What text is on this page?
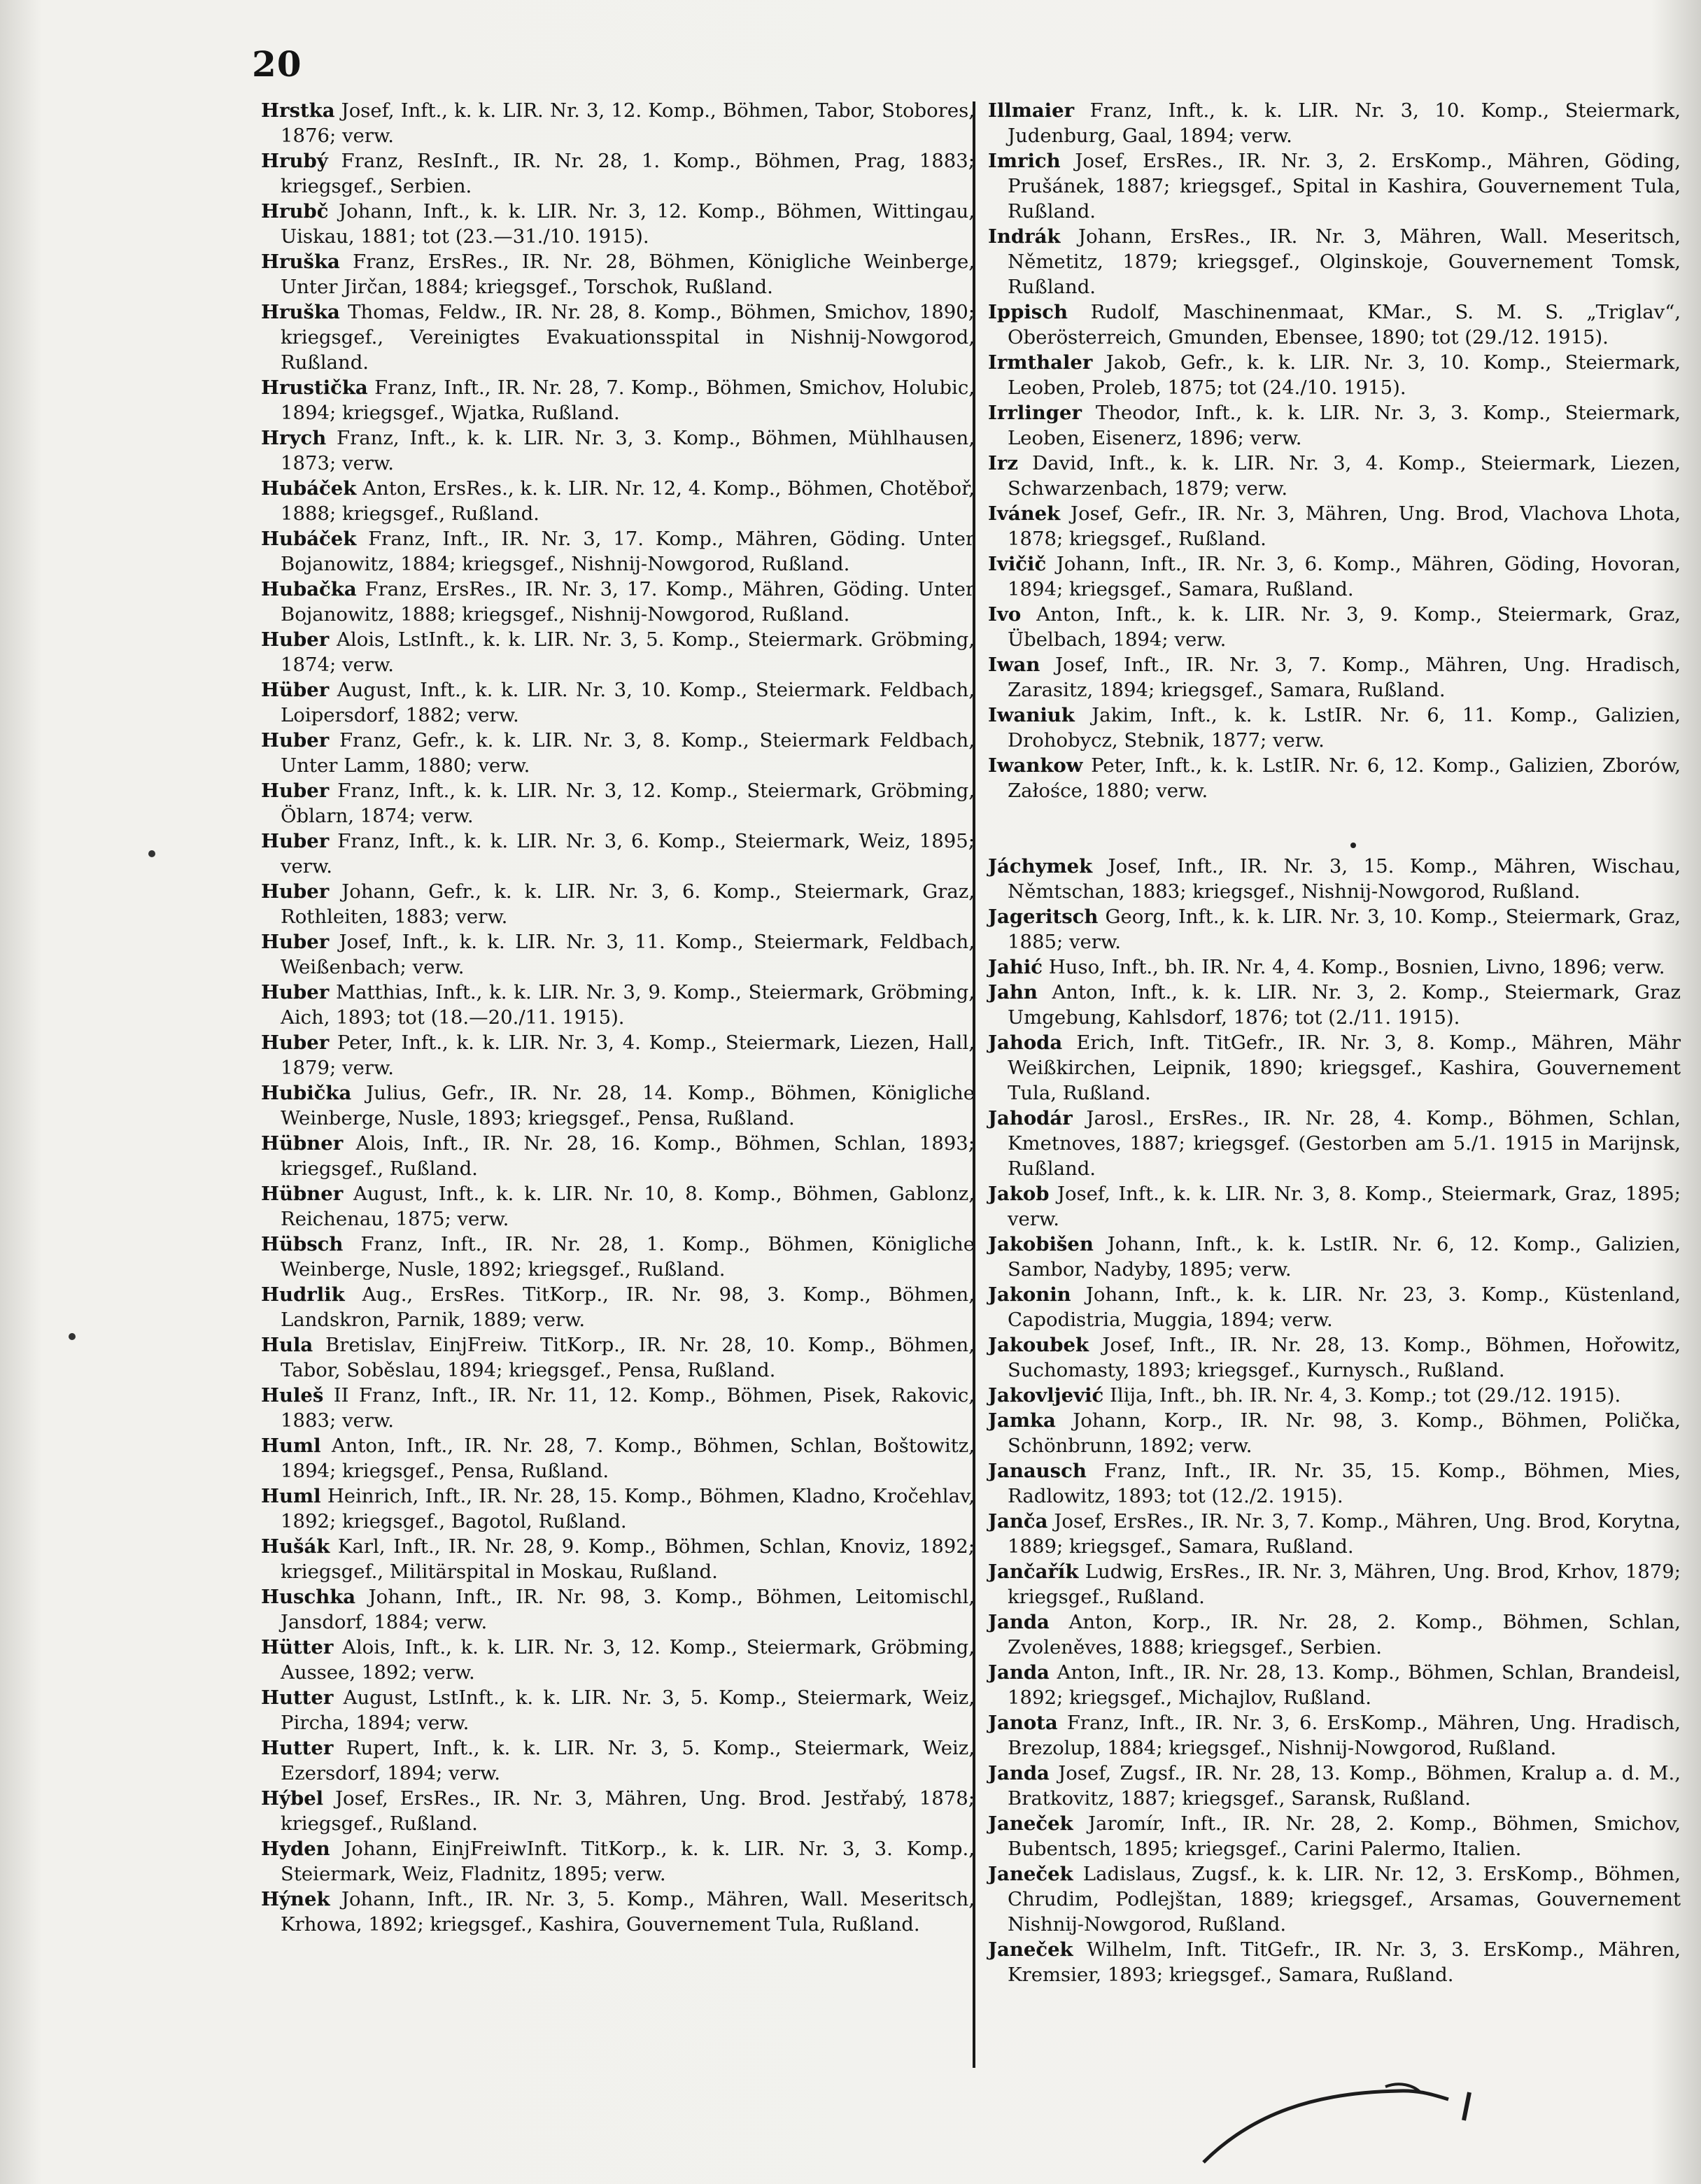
20

Hrstka Josef, Inft., k. k. LIR. Nr. 3, 12. Komp., Böhmen, Tabor, Stobores, 1876; verw.

Hrubý Franz, ResInft., IR. Nr. 28, 1. Komp., Böhmen, Prag, 1883; kriegsgef., Serbien.

Hrubč Johann, Inft., k. k. LIR. Nr. 3, 12. Komp., Böhmen, Wittingau, Uiskau, 1881; tot (23.—31./10. 1915).

Hruška Franz, ErsRes., IR. Nr. 28, Böhmen, Königliche Weinberge, Unter Jirčan, 1884; kriegsgef., Torschok, Rußland.

Hruška Thomas, Feldw., IR. Nr. 28, 8. Komp., Böhmen, Smichov, 1890; kriegsgef., Vereinigtes Evakuationsspital in Nishnij-Nowgorod, Rußland.

Hrustička Franz, Inft., IR. Nr. 28, 7. Komp., Böhmen, Smichov, Holubic, 1894; kriegsgef., Wjatka, Rußland.

Hrych Franz, Inft., k. k. LIR. Nr. 3, 3. Komp., Böhmen, Mühlhausen, 1873; verw.

Hubáček Anton, ErsRes., k. k. LIR. Nr. 12, 4. Komp., Böhmen, Chotěboř, 1888; kriegsgef., Rußland.

Hubáček Franz, Inft., IR. Nr. 3, 17. Komp., Mähren, Göding. Unter Bojanowitz, 1884; kriegsgef., Nishnij-Nowgorod, Rußland.

Hubačka Franz, ErsRes., IR. Nr. 3, 17. Komp., Mähren, Göding. Unter Bojanowitz, 1888; kriegsgef., Nishnij-Nowgorod, Rußland.

Huber Alois, LstInft., k. k. LIR. Nr. 3, 5. Komp., Steiermark. Gröbming, 1874; verw.

Hüber August, Inft., k. k. LIR. Nr. 3, 10. Komp., Steiermark. Feldbach, Loipersdorf, 1882; verw.

Huber Franz, Gefr., k. k. LIR. Nr. 3, 8. Komp., Steiermark Feldbach, Unter Lamm, 1880; verw.

Huber Franz, Inft., k. k. LIR. Nr. 3, 12. Komp., Steiermark, Gröbming, Öblarn, 1874; verw.

Huber Franz, Inft., k. k. LIR. Nr. 3, 6. Komp., Steiermark, Weiz, 1895; verw.

Huber Johann, Gefr., k. k. LIR. Nr. 3, 6. Komp., Steiermark, Graz, Rothleiten, 1883; verw.

Huber Josef, Inft., k. k. LIR. Nr. 3, 11. Komp., Steiermark, Feldbach, Weißenbach; verw.

Huber Matthias, Inft., k. k. LIR. Nr. 3, 9. Komp., Steiermark, Gröbming, Aich, 1893; tot (18.—20./11. 1915).

Huber Peter, Inft., k. k. LIR. Nr. 3, 4. Komp., Steiermark, Liezen, Hall, 1879; verw.

Hubička Julius, Gefr., IR. Nr. 28, 14. Komp., Böhmen, Königliche Weinberge, Nusle, 1893; kriegsgef., Pensa, Rußland.

Hübner Alois, Inft., IR. Nr. 28, 16. Komp., Böhmen, Schlan, 1893; kriegsgef., Rußland.

Hübner August, Inft., k. k. LIR. Nr. 10, 8. Komp., Böhmen, Gablonz, Reichenau, 1875; verw.

Hübsch Franz, Inft., IR. Nr. 28, 1. Komp., Böhmen, Königliche Weinberge, Nusle, 1892; kriegsgef., Rußland.

Hudrlik Aug., ErsRes. TitKorp., IR. Nr. 98, 3. Komp., Böhmen, Landskron, Parnik, 1889; verw.

Hula Bretislav, EinjFreiw. TitKorp., IR. Nr. 28, 10. Komp., Böhmen, Tabor, Soběslau, 1894; kriegsgef., Pensa, Rußland.

Huleš II Franz, Inft., IR. Nr. 11, 12. Komp., Böhmen, Pisek, Rakovic, 1883; verw.

Huml Anton, Inft., IR. Nr. 28, 7. Komp., Böhmen, Schlan, Boštowitz, 1894; kriegsgef., Pensa, Rußland.

Huml Heinrich, Inft., IR. Nr. 28, 15. Komp., Böhmen, Kladno, Kročehlav, 1892; kriegsgef., Bagotol, Rußland.

Hušák Karl, Inft., IR. Nr. 28, 9. Komp., Böhmen, Schlan, Knoviz, 1892; kriegsgef., Militärspital in Moskau, Rußland.

Huschka Johann, Inft., IR. Nr. 98, 3. Komp., Böhmen, Leitomischl, Jansdorf, 1884; verw.

Hütter Alois, Inft., k. k. LIR. Nr. 3, 12. Komp., Steiermark, Gröbming, Aussee, 1892; verw.

Hutter August, LstInft., k. k. LIR. Nr. 3, 5. Komp., Steiermark, Weiz, Pircha, 1894; verw.

Hutter Rupert, Inft., k. k. LIR. Nr. 3, 5. Komp., Steiermark, Weiz, Ezersdorf, 1894; verw.

Hýbel Josef, ErsRes., IR. Nr. 3, Mähren, Ung. Brod. Jestřabý, 1878; kriegsgef., Rußland.

Hyden Johann, EinjFreiwInft. TitKorp., k. k. LIR. Nr. 3, 3. Komp., Steiermark, Weiz, Fladnitz, 1895; verw.

Hýnek Johann, Inft., IR. Nr. 3, 5. Komp., Mähren, Wall. Meseritsch, Krhowa, 1892; kriegsgef., Kashira, Gouvernement Tula, Rußland.

Illmaier Franz, Inft., k. k. LIR. Nr. 3, 10. Komp., Steiermark, Judenburg, Gaal, 1894; verw.

Imrich Josef, ErsRes., IR. Nr. 3, 2. ErsKomp., Mähren, Göding, Prušánek, 1887; kriegsgef., Spital in Kashira, Gouvernement Tula, Rußland.

Indrák Johann, ErsRes., IR. Nr. 3, Mähren, Wall. Meseritsch, Němetitz, 1879; kriegsgef., Olginskoje, Gouvernement Tomsk, Rußland.

Ippisch Rudolf, Maschinenmaat, KMar., S. M. S. „Triglav“, Oberösterreich, Gmunden, Ebensee, 1890; tot (29./12. 1915).

Irmthaler Jakob, Gefr., k. k. LIR. Nr. 3, 10. Komp., Steiermark, Leoben, Proleb, 1875; tot (24./10. 1915).

Irrlinger Theodor, Inft., k. k. LIR. Nr. 3, 3. Komp., Steiermark, Leoben, Eisenerz, 1896; verw.

Irz David, Inft., k. k. LIR. Nr. 3, 4. Komp., Steiermark, Liezen, Schwarzenbach, 1879; verw.

Ivánek Josef, Gefr., IR. Nr. 3, Mähren, Ung. Brod, Vlachova Lhota, 1878; kriegsgef., Rußland.

Ivičič Johann, Inft., IR. Nr. 3, 6. Komp., Mähren, Göding, Hovoran, 1894; kriegsgef., Samara, Rußland.

Ivo Anton, Inft., k. k. LIR. Nr. 3, 9. Komp., Steiermark, Graz, Übelbach, 1894; verw.

Iwan Josef, Inft., IR. Nr. 3, 7. Komp., Mähren, Ung. Hradisch, Zarasitz, 1894; kriegsgef., Samara, Rußland.

Iwaniuk Jakim, Inft., k. k. LstIR. Nr. 6, 11. Komp., Galizien, Drohobycz, Stebnik, 1877; verw.

Iwankow Peter, Inft., k. k. LstIR. Nr. 6, 12. Komp., Galizien, Zborów, Załośce, 1880; verw.

Jáchymek Josef, Inft., IR. Nr. 3, 15. Komp., Mähren, Wischau, Němtschan, 1883; kriegsgef., Nishnij-Nowgorod, Rußland.

Jageritsch Georg, Inft., k. k. LIR. Nr. 3, 10. Komp., Steiermark, Graz, 1885; verw.

Jahić Huso, Inft., bh. IR. Nr. 4, 4. Komp., Bosnien, Livno, 1896; verw.

Jahn Anton, Inft., k. k. LIR. Nr. 3, 2. Komp., Steiermark, Graz Umgebung, Kahlsdorf, 1876; tot (2./11. 1915).

Jahoda Erich, Inft. TitGefr., IR. Nr. 3, 8. Komp., Mähren, Mähr Weißkirchen, Leipnik, 1890; kriegsgef., Kashira, Gouvernement Tula, Rußland.

Jahodár Jarosl., ErsRes., IR. Nr. 28, 4. Komp., Böhmen, Schlan, Kmetnoves, 1887; kriegsgef. (Gestorben am 5./1. 1915 in Marijnsk, Rußland.

Jakob Josef, Inft., k. k. LIR. Nr. 3, 8. Komp., Steiermark, Graz, 1895; verw.

Jakobišen Johann, Inft., k. k. LstIR. Nr. 6, 12. Komp., Galizien, Sambor, Nadyby, 1895; verw.

Jakonin Johann, Inft., k. k. LIR. Nr. 23, 3. Komp., Küstenland, Capodistria, Muggia, 1894; verw.

Jakoubek Josef, Inft., IR. Nr. 28, 13. Komp., Böhmen, Hořowitz, Suchomasty, 1893; kriegsgef., Kurnysch., Rußland.

Jakovljević Ilija, Inft., bh. IR. Nr. 4, 3. Komp.; tot (29./12. 1915).

Jamka Johann, Korp., IR. Nr. 98, 3. Komp., Böhmen, Polička, Schönbrunn, 1892; verw.

Janausch Franz, Inft., IR. Nr. 35, 15. Komp., Böhmen, Mies, Radlowitz, 1893; tot (12./2. 1915).

Janča Josef, ErsRes., IR. Nr. 3, 7. Komp., Mähren, Ung. Brod, Korytna, 1889; kriegsgef., Samara, Rußland.

Jančařík Ludwig, ErsRes., IR. Nr. 3, Mähren, Ung. Brod, Krhov, 1879; kriegsgef., Rußland.

Janda Anton, Korp., IR. Nr. 28, 2. Komp., Böhmen, Schlan, Zvoleněves, 1888; kriegsgef., Serbien.

Janda Anton, Inft., IR. Nr. 28, 13. Komp., Böhmen, Schlan, Brandeisl, 1892; kriegsgef., Michajlov, Rußland.

Janota Franz, Inft., IR. Nr. 3, 6. ErsKomp., Mähren, Ung. Hradisch, Brezolup, 1884; kriegsgef., Nishnij-Nowgorod, Rußland.

Janda Josef, Zugsf., IR. Nr. 28, 13. Komp., Böhmen, Kralup a. d. M., Bratkovitz, 1887; kriegsgef., Saransk, Rußland.

Janeček Jaromír, Inft., IR. Nr. 28, 2. Komp., Böhmen, Smichov, Bubentsch, 1895; kriegsgef., Carini Palermo, Italien.

Janeček Ladislaus, Zugsf., k. k. LIR. Nr. 12, 3. ErsKomp., Böhmen, Chrudim, Podlejštan, 1889; kriegsgef., Arsamas, Gouvernement Nishnij-Nowgorod, Rußland.

Janeček Wilhelm, Inft. TitGefr., IR. Nr. 3, 3. ErsKomp., Mähren, Kremsier, 1893; kriegsgef., Samara, Rußland.
